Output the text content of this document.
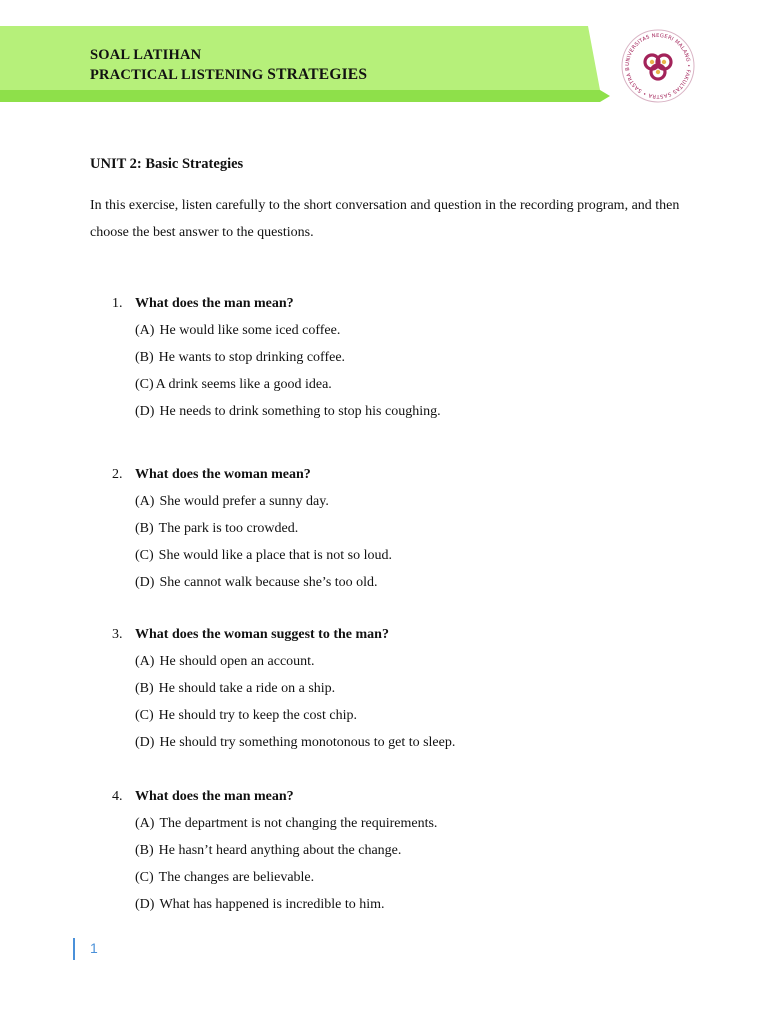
SOAL LATIHAN
PRACTICAL LISTENING STRATEGIES
UNIVERSITAS NEGERI MALANG • FAKULTAS SASTRA • SASTRA B
UNIT 2: Basic Strategies
In this exercise, listen carefully to the short conversation and question in the recording program, and then choose the best answer to the questions.
1. What does the man mean?
(A) He would like some iced coffee.
(B) He wants to stop drinking coffee.
(C) A drink seems like a good idea.
(D) He needs to drink something to stop his coughing.
2. What does the woman mean?
(A) She would prefer a sunny day.
(B) The park is too crowded.
(C) She would like a place that is not so loud.
(D) She cannot walk because she’s too old.
3. What does the woman suggest to the man?
(A) He should open an account.
(B) He should take a ride on a ship.
(C) He should try to keep the cost chip.
(D) He should try something monotonous to get to sleep.
4. What does the man mean?
(A) The department is not changing the requirements.
(B) He hasn’t heard anything about the change.
(C) The changes are believable.
(D) What has happened is incredible to him.
1
